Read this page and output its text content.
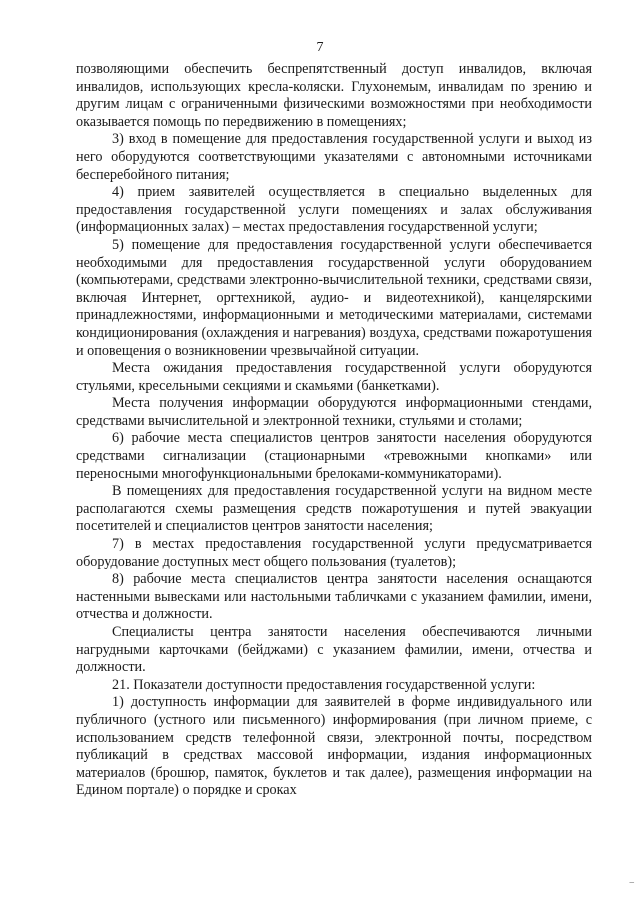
7

позволяющими обеспечить беспрепятственный доступ инвалидов, включая инвалидов, использующих кресла-коляски. Глухонемым, инвалидам по зрению и другим лицам с ограниченными физическими возможностями при необходимости оказывается помощь по передвижению в помещениях;

3) вход в помещение для предоставления государственной услуги и выход из него оборудуются соответствующими указателями с автономными источниками бесперебойного питания;

4) прием заявителей осуществляется в специально выделенных для предоставления государственной услуги помещениях и залах обслуживания (информационных залах) – местах предоставления государственной услуги;

5) помещение для предоставления государственной услуги обеспечивается необходимыми для предоставления государственной услуги оборудованием (компьютерами, средствами электронно-вычислительной техники, средствами связи, включая Интернет, оргтехникой, аудио- и видеотехникой), канцелярскими принадлежностями, информационными и методическими материалами, системами кондиционирования (охлаждения и нагревания) воздуха, средствами пожаротушения и оповещения о возникновении чрезвычайной ситуации.

Места ожидания предоставления государственной услуги оборудуются стульями, кресельными секциями и скамьями (банкетками).

Места получения информации оборудуются информационными стендами, средствами вычислительной и электронной техники, стульями и столами;

6) рабочие места специалистов центров занятости населения оборудуются средствами сигнализации (стационарными «тревожными кнопками» или переносными многофункциональными брелоками-коммуникаторами).

В помещениях для предоставления государственной услуги на видном месте располагаются схемы размещения средств пожаротушения и путей эвакуации посетителей и специалистов центров занятости населения;

7) в местах предоставления государственной услуги предусматривается оборудование доступных мест общего пользования (туалетов);

8) рабочие места специалистов центра занятости населения оснащаются настенными вывесками или настольными табличками с указанием фамилии, имени, отчества и должности.

Специалисты центра занятости населения обеспечиваются личными нагрудными карточками (бейджами) с указанием фамилии, имени, отчества и должности.

21. Показатели доступности предоставления государственной услуги:

1) доступность информации для заявителей в форме индивидуального или публичного (устного или письменного) информирования (при личном приеме, с использованием средств телефонной связи, электронной почты, посредством публикаций в средствах массовой информации, издания информационных материалов (брошюр, памяток, буклетов и так далее), размещения информации на Едином портале) о порядке и сроках

–
